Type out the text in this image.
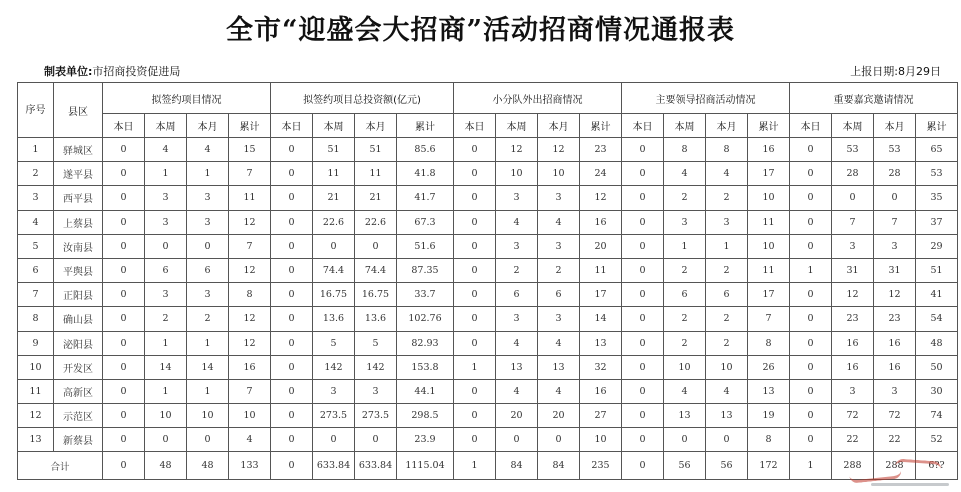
全市“迎盛会大招商”活动招商情况通报表
制表单位:市招商投资促进局	上报日期:8月29日
序号	县区	拟签约项目情况				拟签约项目总投资额(亿元)				小分队外出招商情况				主要领导招商活动情况				重要嘉宾邀请情况			
		本日	本周	本月	累计	本日	本周	本月	累计	本日	本周	本月	累计	本日	本周	本月	累计	本日	本周	本月	累计
1	驿城区	0	4	4	15	0	51	51	85.6	0	12	12	23	0	8	8	16	0	53	53	65
2	遂平县	0	1	1	7	0	11	11	41.8	0	10	10	24	0	4	4	17	0	28	28	53
3	西平县	0	3	3	11	0	21	21	41.7	0	3	3	12	0	2	2	10	0	0	0	35
4	上蔡县	0	3	3	12	0	22.6	22.6	67.3	0	4	4	16	0	3	3	11	0	7	7	37
5	汝南县	0	0	0	7	0	0	0	51.6	0	3	3	20	0	1	1	10	0	3	3	29
6	平舆县	0	6	6	12	0	74.4	74.4	87.35	0	2	2	11	0	2	2	11	1	31	31	51
7	正阳县	0	3	3	8	0	16.75	16.75	33.7	0	6	6	17	0	6	6	17	0	12	12	41
8	确山县	0	2	2	12	0	13.6	13.6	102.76	0	3	3	14	0	2	2	7	0	23	23	54
9	泌阳县	0	1	1	12	0	5	5	82.93	0	4	4	13	0	2	2	8	0	16	16	48
10	开发区	0	14	14	16	0	142	142	153.8	1	13	13	32	0	10	10	26	0	16	16	50
11	高新区	0	1	1	7	0	3	3	44.1	0	4	4	16	0	4	4	13	0	3	3	30
12	示范区	0	10	10	10	0	273.5	273.5	298.5	0	20	20	27	0	13	13	19	0	72	72	74
13	新蔡县	0	0	0	4	0	0	0	23.9	0	0	0	10	0	0	0	8	0	22	22	52
合计		0	48	48	133	0	633.84	633.84	1115.04	1	84	84	235	0	56	56	172	1	288	288	6??
